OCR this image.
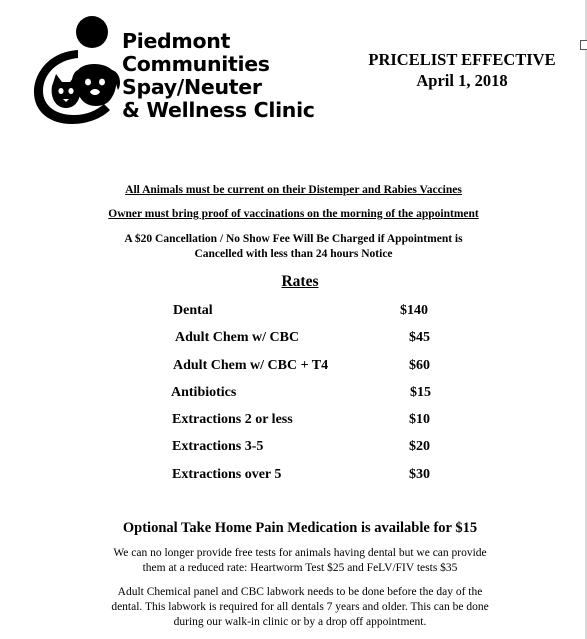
Piedmont
Communities
Spay/Neuter
& Wellness Clinic
PRICELIST EFFECTIVE
April 1, 2018
All Animals must be current on their Distemper and Rabies Vaccines
Owner must bring proof of vaccinations on the morning of the appointment
A $20 Cancellation / No Show Fee Will Be Charged if Appointment is
Cancelled with less than 24 hours Notice
Rates
Dental	$140
Adult Chem w/ CBC	$45
Adult Chem w/ CBC + T4	$60
Antibiotics	$15
Extractions 2 or less	$10
Extractions 3-5	$20
Extractions over 5	$30
Optional Take Home Pain Medication is available for $15
We can no longer provide free tests for animals having dental but we can provide
them at a reduced rate: Heartworm Test $25 and FeLV/FIV tests $35
Adult Chemical panel and CBC labwork needs to be done before the day of the
dental. This labwork is required for all dentals 7 years and older. This can be done
during our walk-in clinic or by a drop off appointment.
